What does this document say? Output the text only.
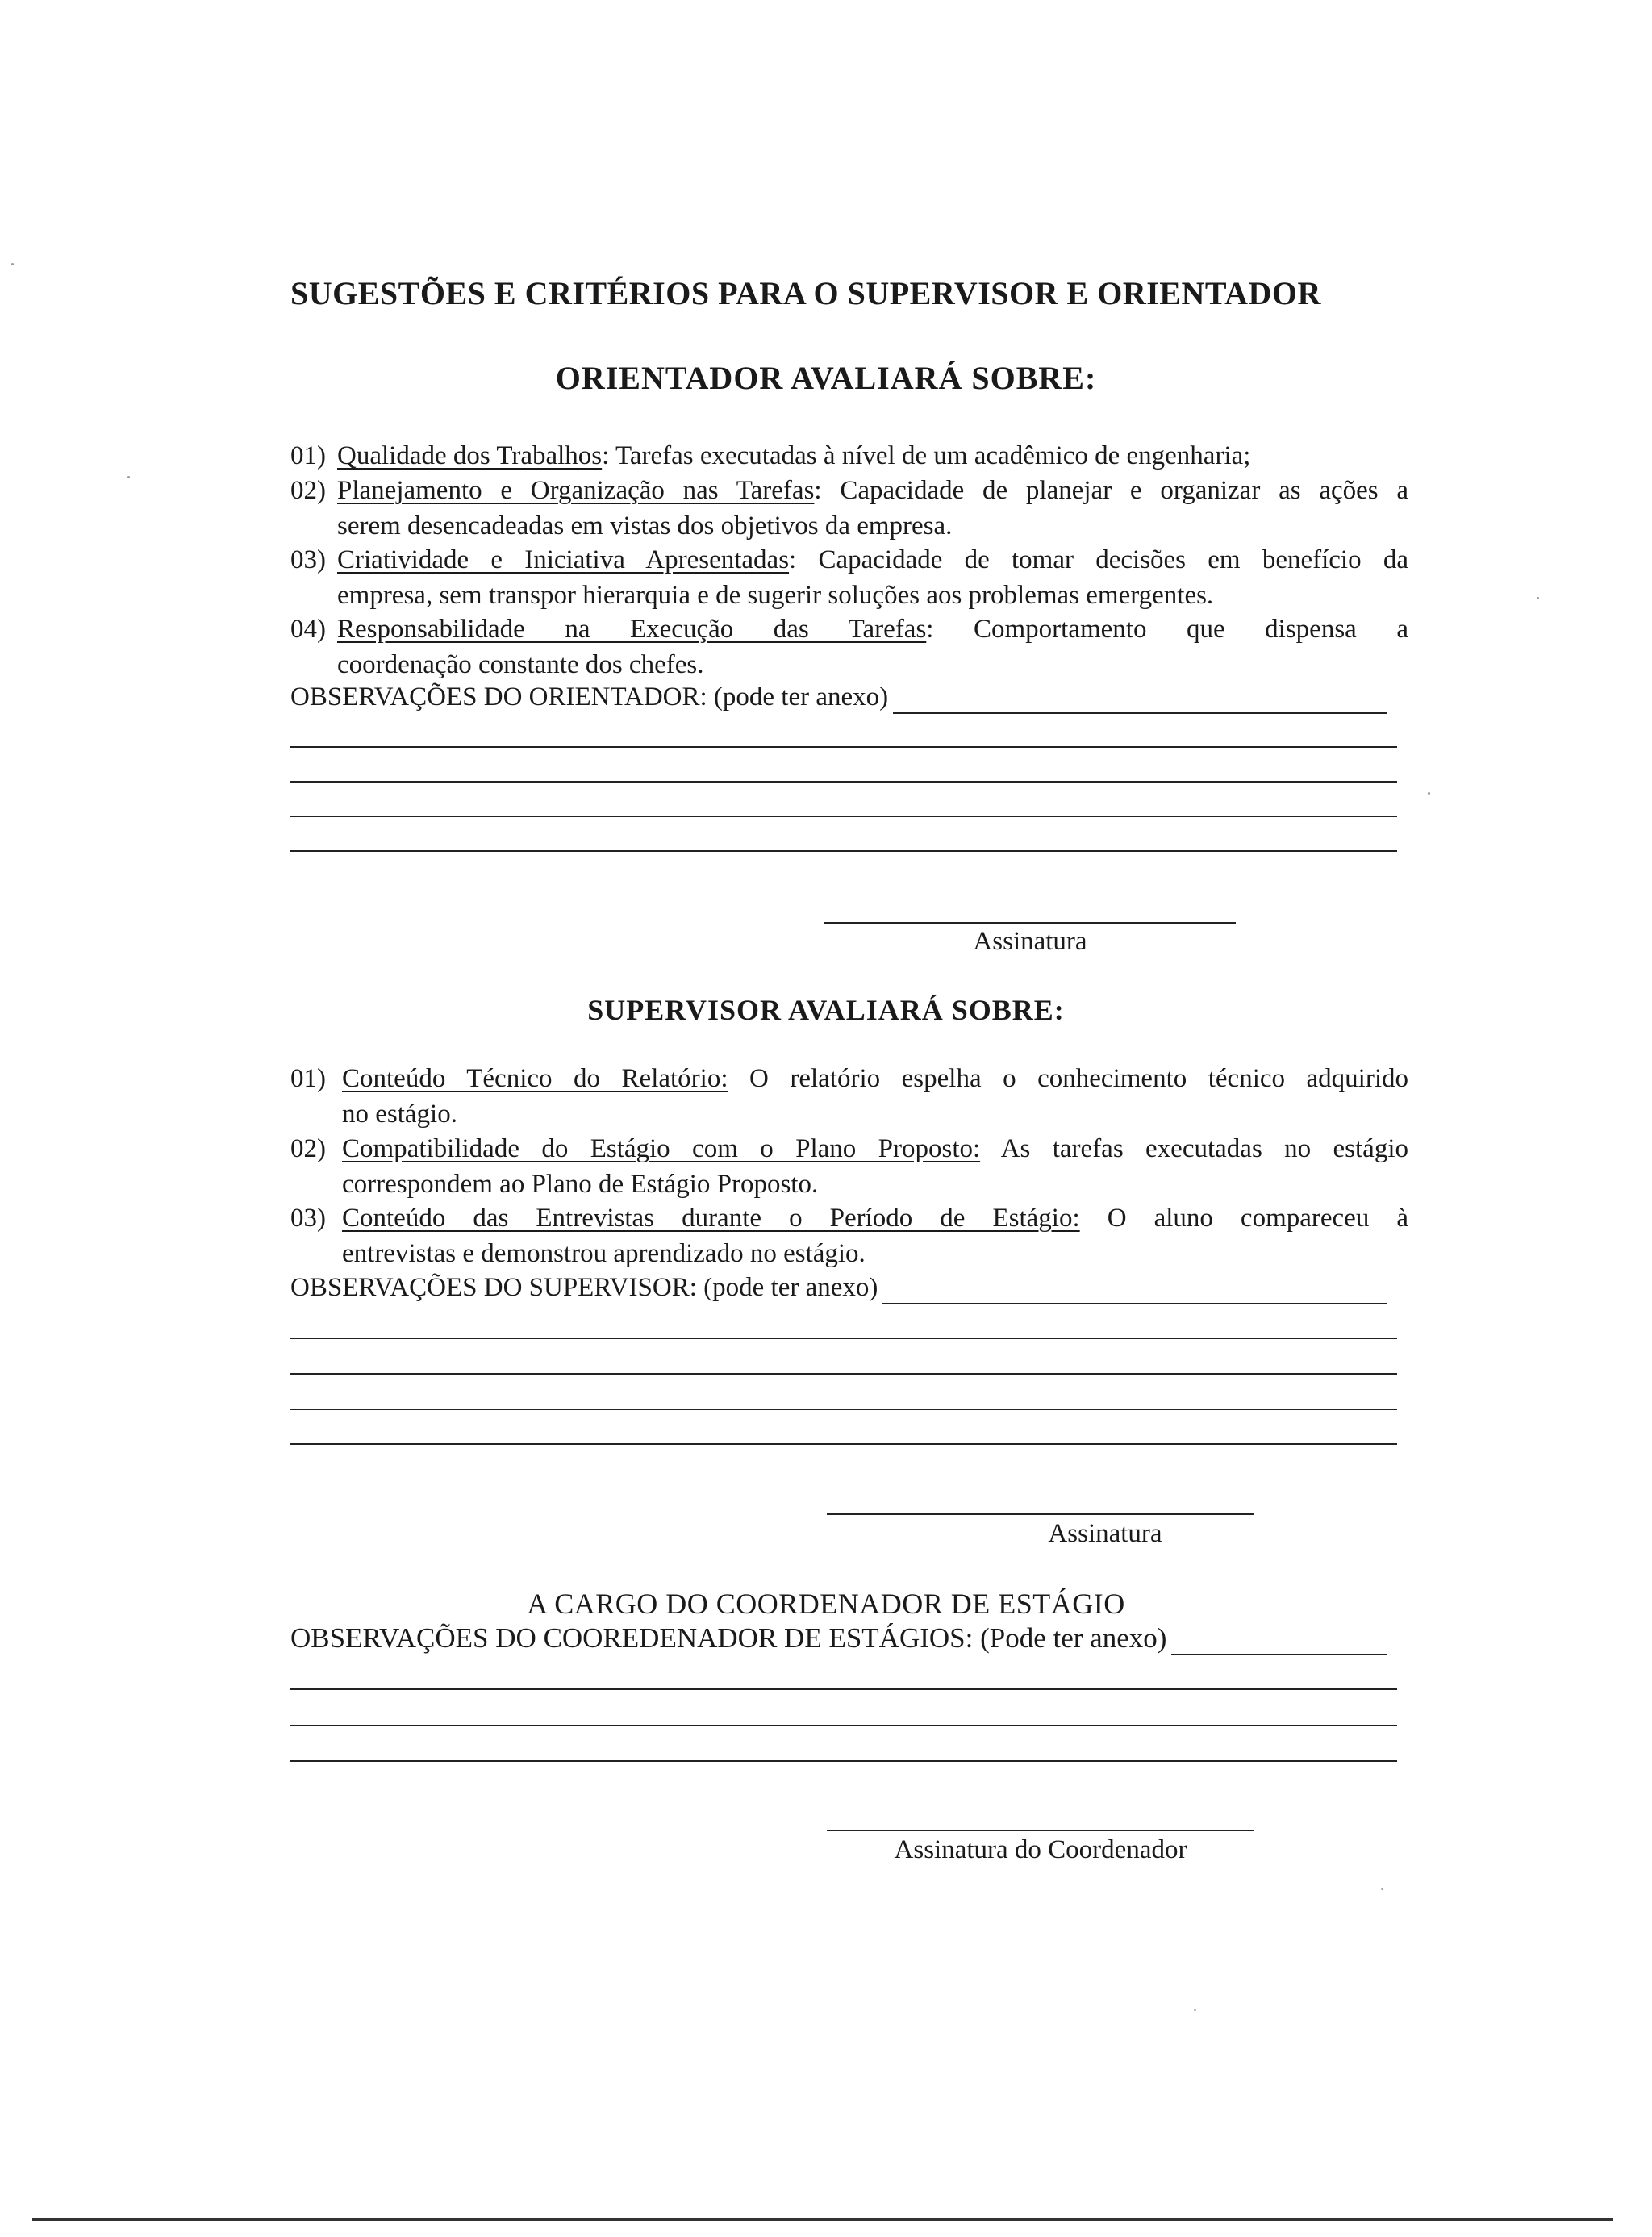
SUGESTÕES E CRITÉRIOS PARA O SUPERVISOR E ORIENTADOR
ORIENTADOR AVALIARÁ SOBRE:
01) Qualidade dos Trabalhos: Tarefas executadas à nível de um acadêmico de engenharia;
02) Planejamento e Organização nas Tarefas: Capacidade de planejar e organizar as ações a
serem desencadeadas em vistas dos objetivos da empresa.
03) Criatividade e Iniciativa Apresentadas: Capacidade de tomar decisões em benefício da
empresa, sem transpor hierarquia e de sugerir soluções aos problemas emergentes.
04) Responsabilidade na Execução das Tarefas: Comportamento que dispensa a
coordenação constante dos chefes.
OBSERVAÇÕES DO ORIENTADOR: (pode ter anexo)
Assinatura
SUPERVISOR AVALIARÁ SOBRE:
01) Conteúdo Técnico do Relatório: O relatório espelha o conhecimento técnico adquirido
no estágio.
02) Compatibilidade do Estágio com o Plano Proposto: As tarefas executadas no estágio
correspondem ao Plano de Estágio Proposto.
03) Conteúdo das Entrevistas durante o Período de Estágio: O aluno compareceu à
entrevistas e demonstrou aprendizado no estágio.
OBSERVAÇÕES DO SUPERVISOR: (pode ter anexo)
Assinatura
A CARGO DO COORDENADOR DE ESTÁGIO
OBSERVAÇÕES DO COOREDENADOR DE ESTÁGIOS: (Pode ter anexo)
Assinatura do Coordenador
